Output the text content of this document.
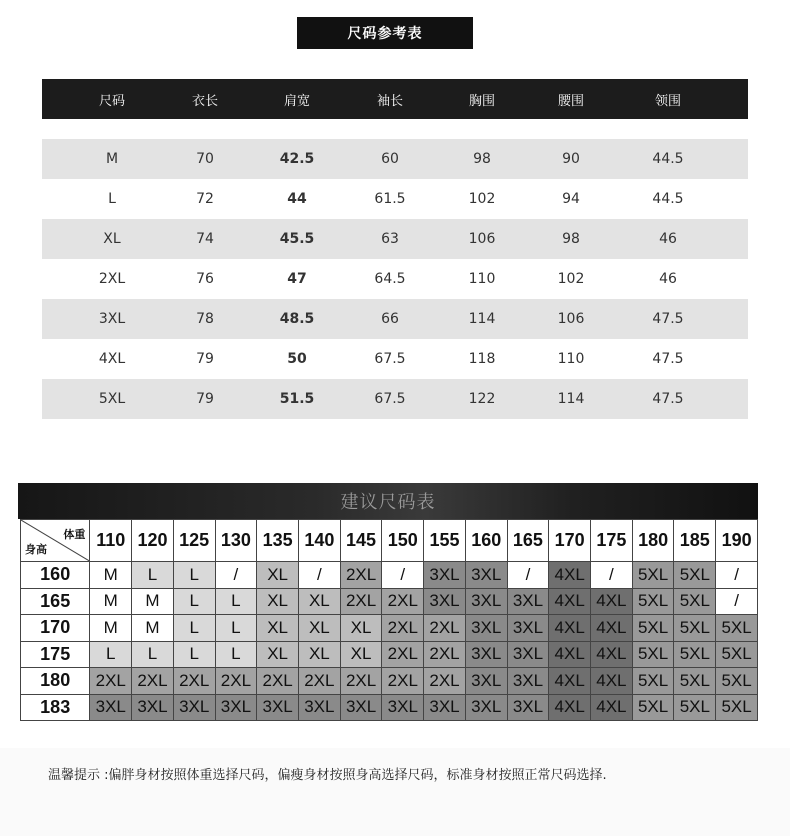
尺码参考表
尺码	衣长	肩宽	袖长	胸围	腰围	领围
M	70	42.5	60	98	90	44.5
L	72	44	61.5	102	94	44.5
XL	74	45.5	63	106	98	46
2XL	76	47	64.5	110	102	46
3XL	78	48.5	66	114	106	47.5
4XL	79	50	67.5	118	110	47.5
5XL	79	51.5	67.5	122	114	47.5
建议尺码表
体重
身高	110	120	125	130	135	140	145	150	155	160	165	170	175	180	185	190
160	M	L	L	/	XL	/	2XL	/	3XL	3XL	/	4XL	/	5XL	5XL	/
165	M	M	L	L	XL	XL	2XL	2XL	3XL	3XL	3XL	4XL	4XL	5XL	5XL	/
170	M	M	L	L	XL	XL	XL	2XL	2XL	3XL	3XL	4XL	4XL	5XL	5XL	5XL
175	L	L	L	L	XL	XL	XL	2XL	2XL	3XL	3XL	4XL	4XL	5XL	5XL	5XL
180	2XL	2XL	2XL	2XL	2XL	2XL	2XL	2XL	2XL	3XL	3XL	4XL	4XL	5XL	5XL	5XL
183	3XL	3XL	3XL	3XL	3XL	3XL	3XL	3XL	3XL	3XL	3XL	4XL	4XL	5XL	5XL	5XL
温馨提示 :偏胖身材按照体重选择尺码，偏瘦身材按照身高选择尺码，标准身材按照正常尺码选择.
